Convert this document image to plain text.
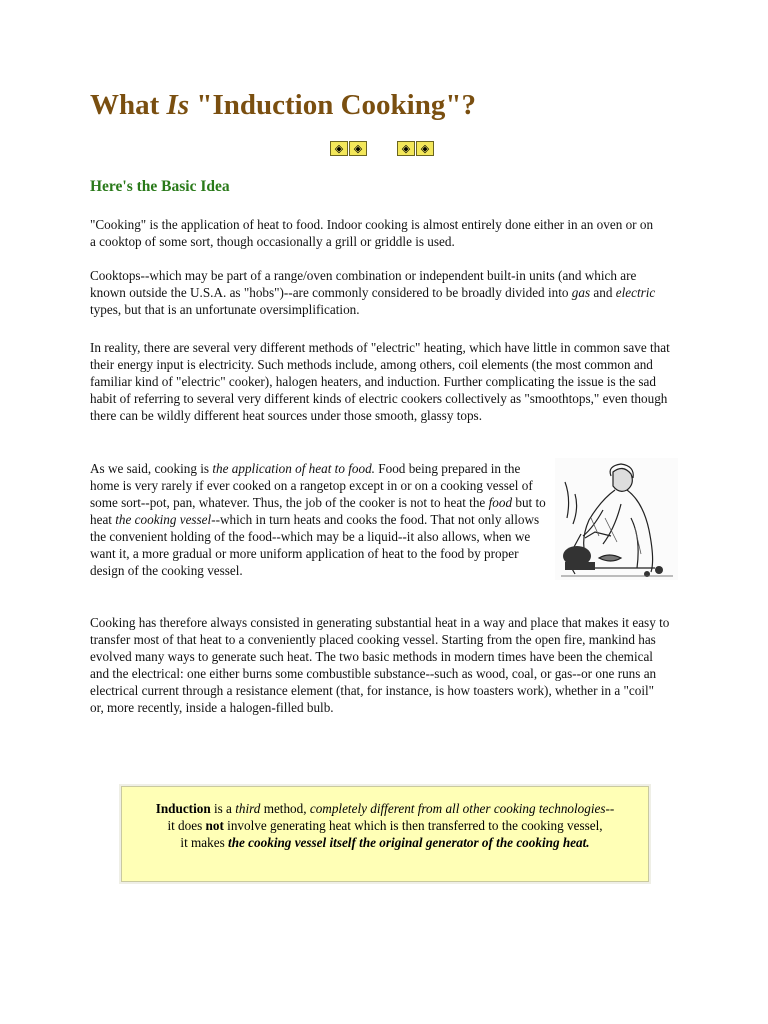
What Is "Induction Cooking"?
◈ ◈	◈ ◈
Here's the Basic Idea

"Cooking" is the application of heat to food. Indoor cooking is almost entirely done either in an oven or on a cooktop of some sort, though occasionally a grill or griddle is used.

Cooktops--which may be part of a range/oven combination or independent built-in units (and which are known outside the U.S.A. as "hobs")--are commonly considered to be broadly divided into gas and electric types, but that is an unfortunate oversimplification.

In reality, there are several very different methods of "electric" heating, which have little in common save that their energy input is electricity. Such methods include, among others, coil elements (the most common and familiar kind of "electric" cooker), halogen heaters, and induction. Further complicating the issue is the sad habit of referring to several very different kinds of electric cookers collectively as "smoothtops," even though there can be wildly different heat sources under those smooth, glassy tops.

As we said, cooking is the application of heat to food. Food being prepared in the home is very rarely if ever cooked on a rangetop except in or on a cooking vessel of some sort--pot, pan, whatever. Thus, the job of the cooker is not to heat the food but to heat the cooking vessel--which in turn heats and cooks the food. That not only allows the convenient holding of the food--which may be a liquid--it also allows, when we want it, a more gradual or more uniform application of heat to the food by proper design of the cooking vessel.

Cooking has therefore always consisted in generating substantial heat in a way and place that makes it easy to transfer most of that heat to a conveniently placed cooking vessel. Starting from the open fire, mankind has evolved many ways to generate such heat. The two basic methods in modern times have been the chemical and the electrical: one either burns some combustible substance--such as wood, coal, or gas--or one runs an electrical current through a resistance element (that, for instance, is how toasters work), whether in a "coil" or, more recently, inside a halogen-filled bulb.

Induction is a third method, completely different from all other cooking technologies--
it does not involve generating heat which is then transferred to the cooking vessel,
it makes the cooking vessel itself the original generator of the cooking heat.
